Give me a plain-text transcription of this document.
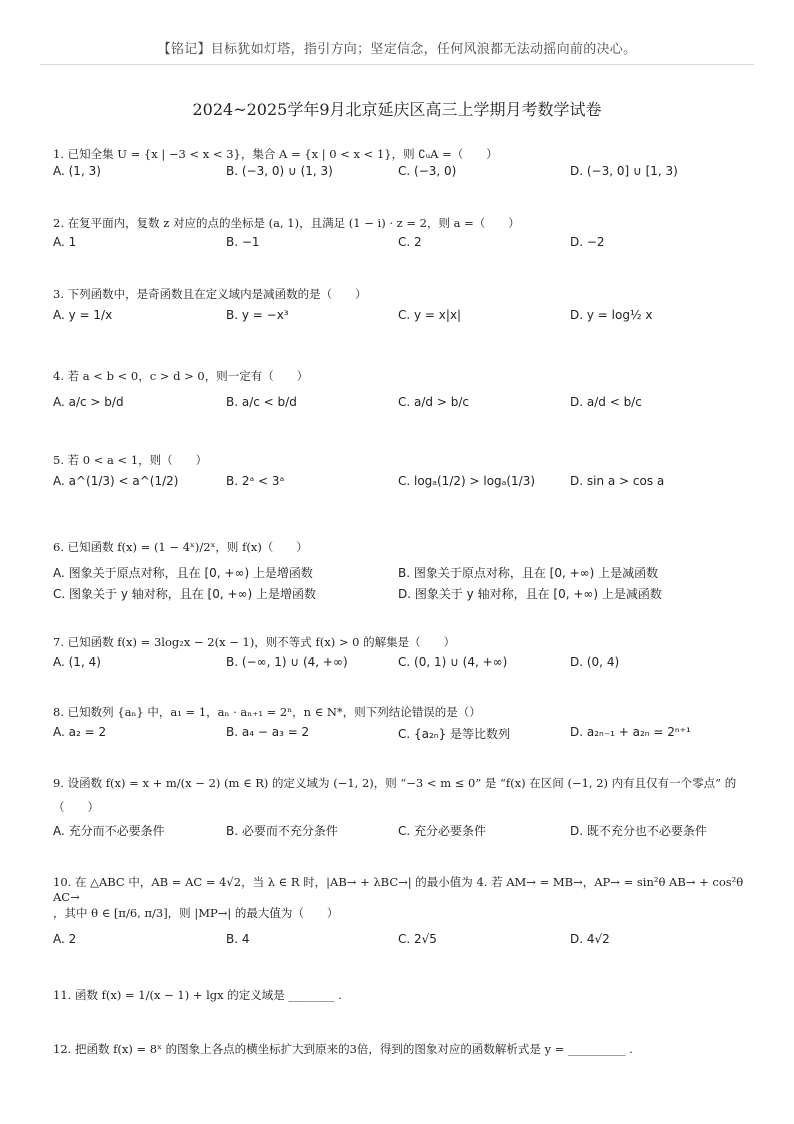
【铭记】目标犹如灯塔，指引方向；坚定信念，任何风浪都无法动摇向前的决心。
2024~2025学年9月北京延庆区高三上学期月考数学试卷
1. 已知全集 U = {x | −3 < x < 3}，集合 A = {x | 0 < x < 1}，则 ∁ᵤA =（　　）
A. (1, 3)	B. (−3, 0) ∪ (1, 3)	C. (−3, 0)	D. (−3, 0] ∪ [1, 3)
2. 在复平面内，复数 z 对应的点的坐标是 (a, 1)，且满足 (1 − i) · z = 2，则 a =（　　）
A. 1	B. −1	C. 2	D. −2
3. 下列函数中，是奇函数且在定义域内是减函数的是（　　）
A. y = 1/x	B. y = −x³	C. y = x|x|	D. y = log½ x
4. 若 a < b < 0，c > d > 0，则一定有（　　）
A. a/c > b/d	B. a/c < b/d	C. a/d > b/c	D. a/d < b/c
5. 若 0 < a < 1，则（　　）
A. a^(1/3) < a^(1/2)	B. 2ᵃ < 3ᵃ	C. logₐ(1/2) > logₐ(1/3)	D. sin a > cos a
6. 已知函数 f(x) = (1 − 4ˣ)/2ˣ，则 f(x)（　　）
A. 图象关于原点对称，且在 [0, +∞) 上是增函数	B. 图象关于原点对称，且在 [0, +∞) 上是减函数
C. 图象关于 y 轴对称，且在 [0, +∞) 上是增函数	D. 图象关于 y 轴对称，且在 [0, +∞) 上是减函数
7. 已知函数 f(x) = 3log₂x − 2(x − 1)，则不等式 f(x) > 0 的解集是（　　）
A. (1, 4)	B. (−∞, 1) ∪ (4, +∞)	C. (0, 1) ∪ (4, +∞)	D. (0, 4)
8. 已知数列 {aₙ} 中，a₁ = 1，aₙ · aₙ₊₁ = 2ⁿ，n ∈ N*，则下列结论错误的是（）
A. a₂ = 2	B. a₄ − a₃ = 2	C. {a₂ₙ} 是等比数列	D. a₂ₙ₋₁ + a₂ₙ = 2ⁿ⁺¹
9. 设函数 f(x) = x + m/(x − 2) (m ∈ R) 的定义域为 (−1, 2)，则 “−3 < m ≤ 0” 是 “f(x) 在区间 (−1, 2) 内有且仅有一个零点” 的
（　　）
A. 充分而不必要条件	B. 必要而不充分条件	C. 充分必要条件	D. 既不充分也不必要条件
10. 在 △ABC 中，AB = AC = 4√2，当 λ ∈ R 时，|AB→ + λBC→| 的最小值为 4. 若 AM→ = MB→，AP→ = sin²θ AB→ + cos²θ AC→
，其中 θ ∈ [π/6, π/3]，则 |MP→| 的最大值为（　　）
A. 2	B. 4	C. 2√5	D. 4√2
11. 函数 f(x) = 1/(x − 1) + lgx 的定义域是 ________ .
12. 把函数 f(x) = 8ˣ 的图象上各点的横坐标扩大到原来的3倍，得到的图象对应的函数解析式是 y = __________ .
